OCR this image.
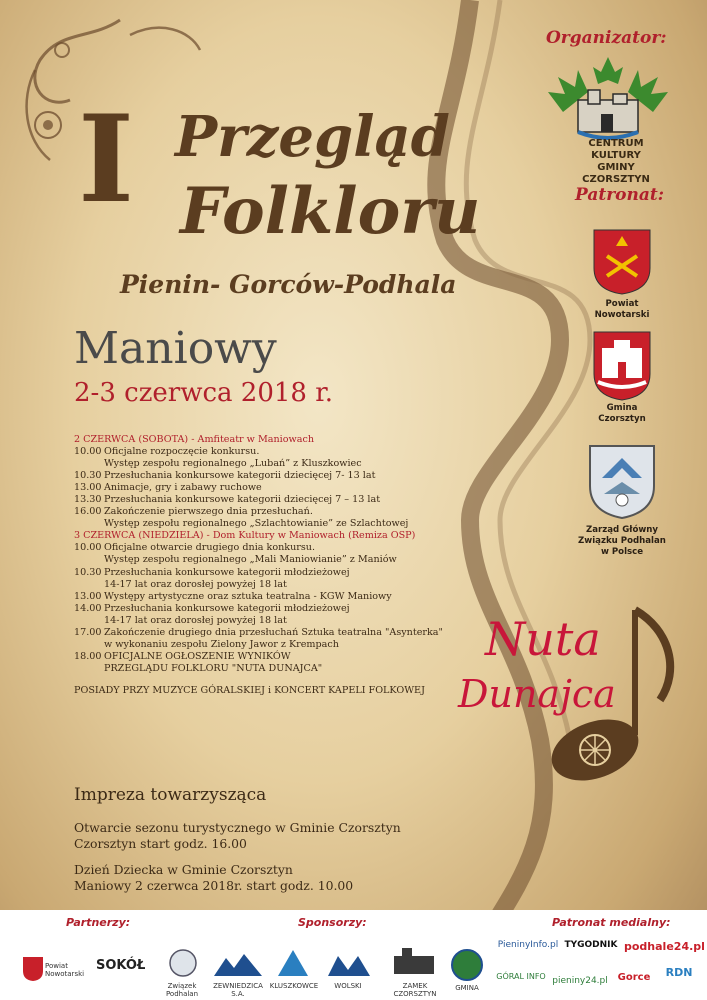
I Przegląd
Folkloru
Pienin- Gorców-Podhala
Maniowy
2-3 czerwca 2018 r.
2 CZERWCA (SOBOTA) - Amfiteatr w Maniowach
10.00 Oficjalne rozpoczęcie konkursu.
Występ zespołu regionalnego „Lubań” z Kluszkowiec
10.30 Przesłuchania konkursowe kategorii dziecięcej 7- 13 lat
13.00 Animacje, gry i zabawy ruchowe
13.30 Przesłuchania konkursowe kategorii dziecięcej 7 – 13 lat
16.00 Zakończenie pierwszego dnia przesłuchań.
Występ zespołu regionalnego „Szlachtowianie” ze Szlachtowej
3 CZERWCA (NIEDZIELA) - Dom Kultury w Maniowach (Remiza OSP)
10.00 Oficjalne otwarcie drugiego dnia konkursu.
Występ zespołu regionalnego „Mali Maniowianie” z Maniów
10.30 Przesłuchania konkursowe kategorii młodzieżowej
14-17 lat oraz dorosłej powyżej 18 lat
13.00 Występy artystyczne oraz sztuka teatralna - KGW Maniowy
14.00 Przesłuchania konkursowe kategorii młodzieżowej
14-17 lat oraz dorosłej powyżej 18 lat
17.00 Zakończenie drugiego dnia przesłuchań Sztuka teatralna "Asynterka"
w wykonaniu zespołu Zielony Jawor z Krempach
18.00 OFICJALNE OGŁOSZENIE WYNIKÓW
PRZEGLĄDU FOLKLORU "NUTA DUNAJCA"
POSIADY PRZY MUZYCE GÓRALSKIEJ i KONCERT KAPELI FOLKOWEJ
Impreza towarzysząca
Otwarcie sezonu turystycznego w Gminie Czorsztyn
Czorsztyn start godz. 16.00
Dzień Dziecka w Gminie Czorsztyn
Maniowy 2 czerwca 2018r. start godz. 10.00
Organizator:
CENTRUM KULTURY
GMINY CZORSZTYN
Patronat:
Powiat
Nowotarski
Gmina
Czorsztyn
Zarząd Główny
Związku Podhalan
w Polsce
Nuta
Dunajca
Partnerzy:	Sponsorzy:	Patronat medialny:
Powiat Nowotarski
SOKÓŁ
Związek Podhalan
ZEWNIEDZICA S.A.
KLUSZKOWCE	WOLSKI	ZAMEK CZORSZTYN
GMINA
PieninyInfo.pl TYGODNIK podhale24.pl
GÓRAL INFO pieniny24.pl Gorce	RDN
